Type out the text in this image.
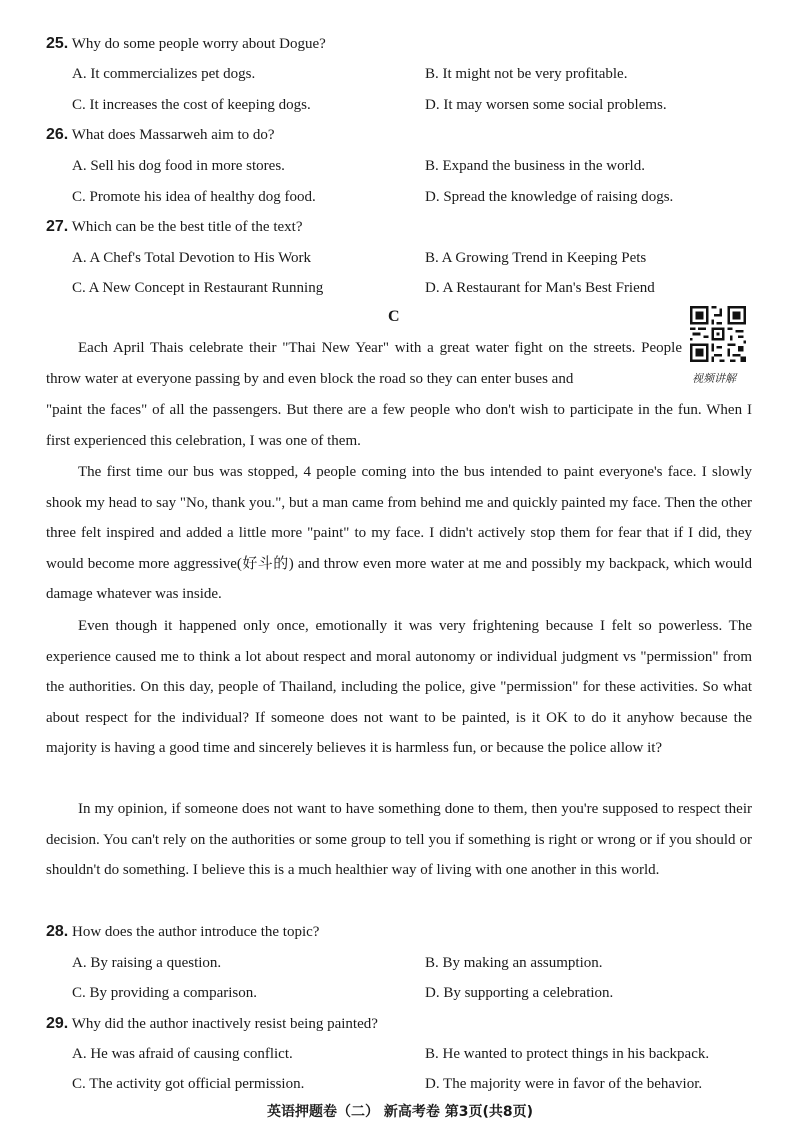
25. Why do some people worry about Dogue?
A. It commercializes pet dogs.	B. It might not be very profitable.
C. It increases the cost of keeping dogs.	D. It may worsen some social problems.
26. What does Massarweh aim to do?
A. Sell his dog food in more stores.	B. Expand the business in the world.
C. Promote his idea of healthy dog food.	D. Spread the knowledge of raising dogs.
27. Which can be the best title of the text?
A. A Chef's Total Devotion to His Work	B. A Growing Trend in Keeping Pets
C. A New Concept in Restaurant Running	D. A Restaurant for Man's Best Friend
C
视频讲解

Each April Thais celebrate their "Thai New Year" with a great water fight on the streets. People throw water at everyone passing by and even block the road so they can enter buses and

"paint the faces" of all the passengers. But there are a few people who don't wish to participate in the fun. When I first experienced this celebration, I was one of them.

The first time our bus was stopped, 4 people coming into the bus intended to paint everyone's face. I slowly shook my head to say "No, thank you.", but a man came from behind me and quickly painted my face. Then the other three felt inspired and added a little more "paint" to my face. I didn't actively stop them for fear that if I did, they would become more aggressive(好斗的) and throw even more water at me and possibly my backpack, which would damage whatever was inside.

Even though it happened only once, emotionally it was very frightening because I felt so powerless. The experience caused me to think a lot about respect and moral autonomy or individual judgment vs "permission" from the authorities. On this day, people of Thailand, including the police, give "permission" for these activities. So what about respect for the individual? If someone does not want to be painted, is it OK to do it anyhow because the majority is having a good time and sincerely believes it is harmless fun, or because the police allow it?

In my opinion, if someone does not want to have something done to them, then you're supposed to respect their decision. You can't rely on the authorities or some group to tell you if something is right or wrong or if you should or shouldn't do something. I believe this is a much healthier way of living with one another in this world.

28. How does the author introduce the topic?
A. By raising a question.	B. By making an assumption.
C. By providing a comparison.	D. By supporting a celebration.
29. Why did the author inactively resist being painted?
A. He was afraid of causing conflict.	B. He wanted to protect things in his backpack.
C. The activity got official permission.	D. The majority were in favor of the behavior.
英语押题卷（二） 新高考卷 第3页(共8页)
